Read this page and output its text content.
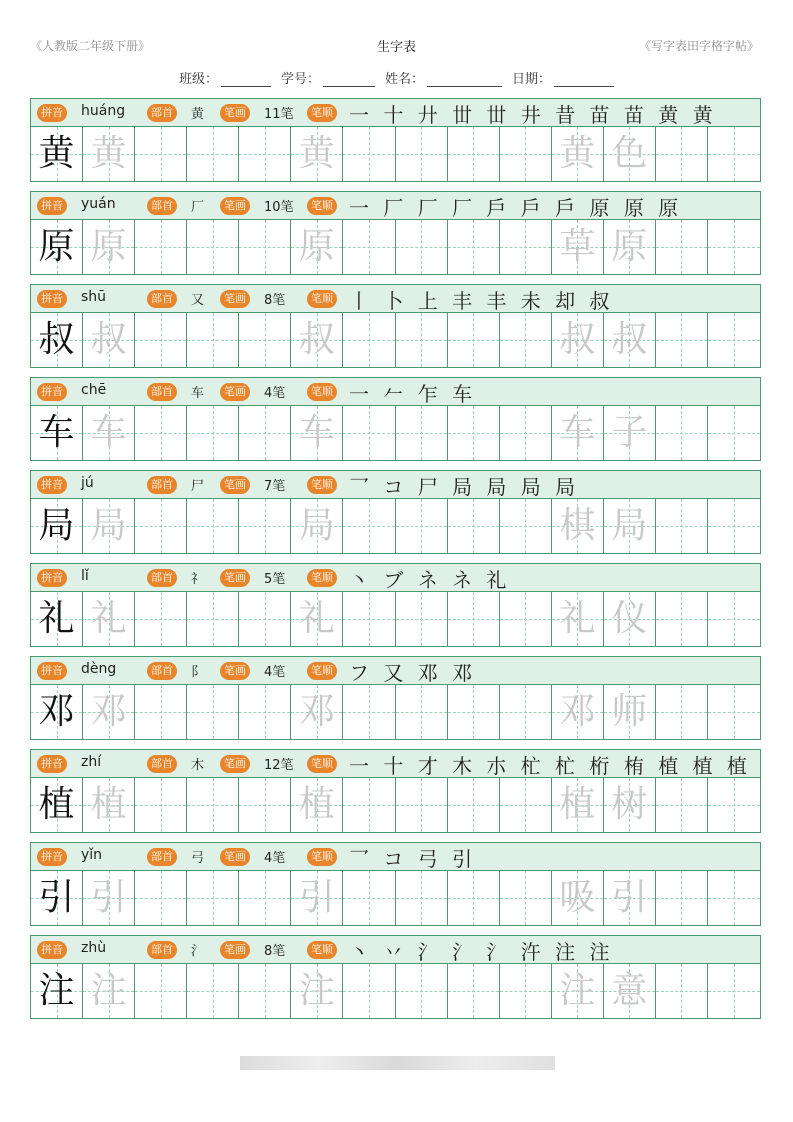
《人教版二年级下册》	生字表	《写字表田字格字帖》
班级：	学号：	姓名：	日期：
拼音 huáng	部首	黄	笔画	11笔	笔顺 一 十 廾 丗 丗 井 昔 苗 苗 黄 黄
黄 黄	黄	黄 色
拼音 yuán	部首	厂	笔画	10笔	笔顺 一 厂 厂 厂 戶 戶 戶 原 原 原
原 原	原	草 原
拼音 shū	部首	又	笔画	8笔	笔顺 丨 卜 上 丰 丰 未 却 叔
叔 叔	叔	叔 叔
拼音 chē	部首	车	笔画	4笔	笔顺 一 𠂉 乍 车
车 车	车	车 子
拼音 jú	部首	尸	笔画	7笔	笔顺 乛 コ 尸 局 局 局 局
局 局	局	棋 局
拼音 lǐ	部首	礻	笔画	5笔	笔顺 丶 ブ ネ ネ 礼
礼 礼	礼	礼 仪
拼音 dèng	部首	阝	笔画	4笔	笔顺 フ 又 邓 邓
邓 邓	邓	邓 师
拼音 zhí	部首	木	笔画	12笔	笔顺 一 十 才 木 朩 杧 杧 桁 栯 植 植 植
植 植	植	植 树
拼音 yǐn	部首	弓	笔画	4笔	笔顺 乛 コ 弓 引
引 引	引	吸 引
拼音 zhù	部首	氵	笔画	8笔	笔顺 丶 丷 氵 氵 氵 汻 注 注
注 注	注	注 意
